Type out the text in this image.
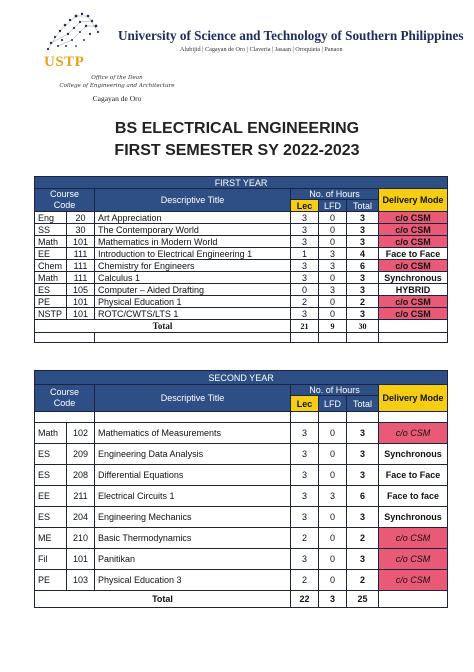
USTP
University of Science and Technology of Southern Philippines
Alubijid | Cagayan de Oro | Claveria | Jasaan | Oroquieta | Panaon
Office of the Dean
College of Engineering and Architecture
Cagayan de Oro
BS ELECTRICAL ENGINEERING
FIRST SEMESTER SY 2022-2023
FIRST YEAR						
Course Code		Descriptive Title	No. of Hours			Delivery Mode
			Lec	LFD	Total	
Eng	20	Art Appreciation	3	0	3	c/o CSM
SS	30	The Contemporary World	3	0	3	c/o CSM
Math	101	Mathematics in Modern World	3	0	3	c/o CSM
EE	111	Introduction to Electrical Engineering 1	1	3	4	Face to Face
Chem	111	Chemistry for Engineers	3	3	6	c/o CSM
Math	111	Calculus 1	3	0	3	Synchronous
ES	105	Computer – Aided Drafting	0	3	3	HYBRID
PE	101	Physical Education 1	2	0	2	c/o CSM
NSTP	101	ROTC/CWTS/LTS 1	3	0	3	c/o CSM
Total			21	9	30	

SECOND YEAR						
Course Code		Descriptive Title	No. of Hours			Delivery Mode
			Lec	LFD	Total	

Math	102	Mathematics of Measurements	3	0	3	c/o CSM
ES	209	Engineering Data Analysis	3	0	3	Synchronous
ES	208	Differential Equations	3	0	3	Face to Face
EE	211	Electrical Circuits 1	3	3	6	Face to face
ES	204	Engineering Mechanics	3	0	3	Synchronous
ME	210	Basic Thermodynamics	2	0	2	c/o CSM
Fil	101	Panitikan	3	0	3	c/o CSM
PE	103	Physical Education 3	2	0	2	c/o CSM
Total			22	3	25	
